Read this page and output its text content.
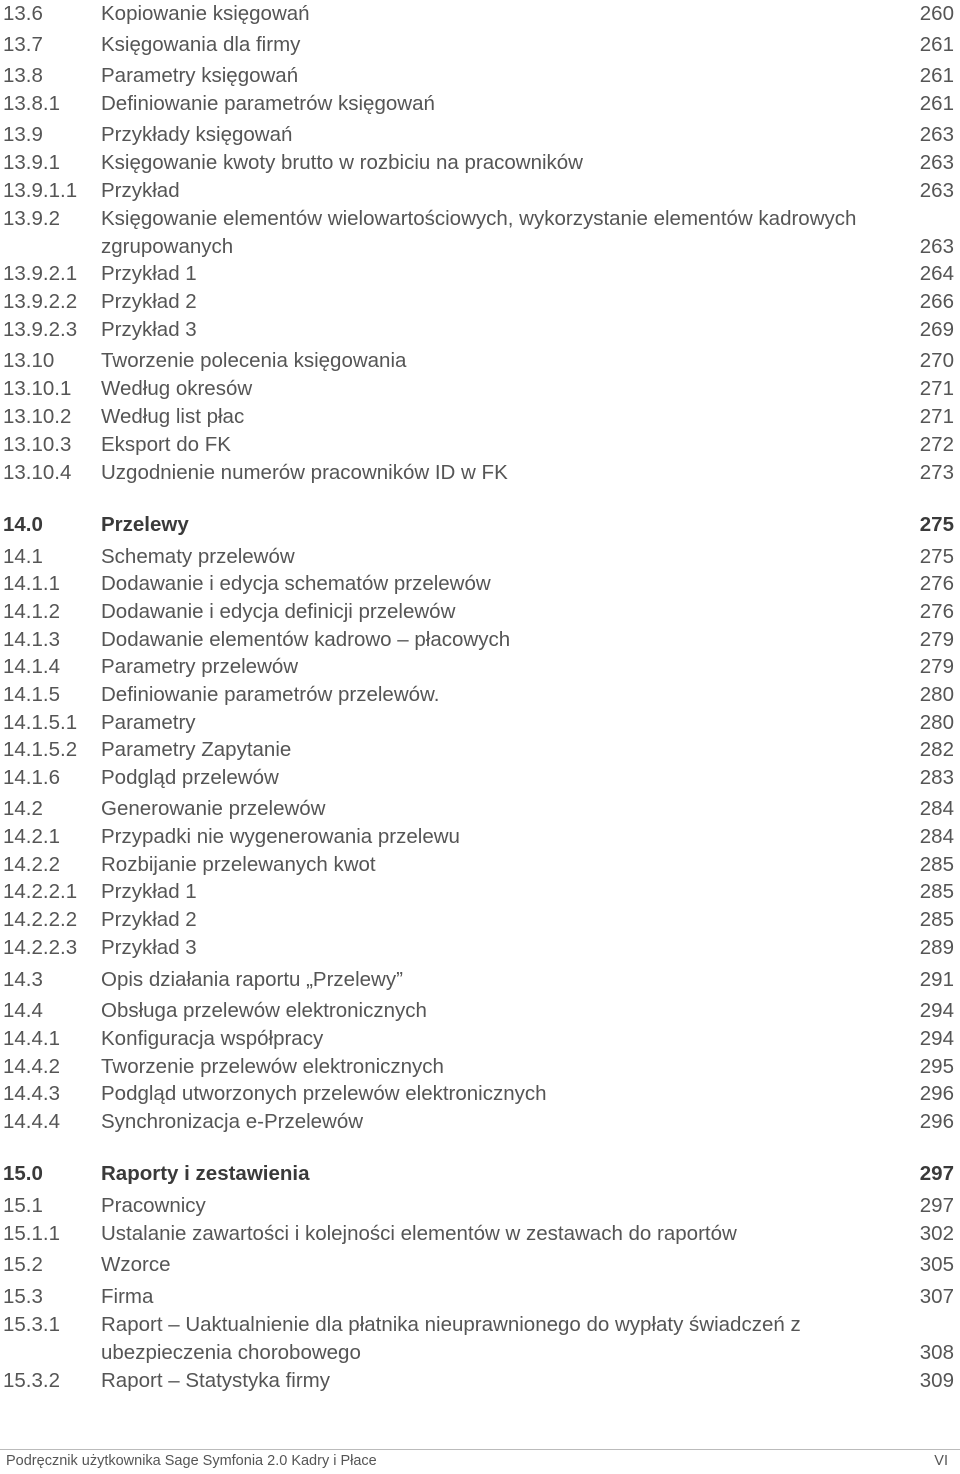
13.6	Kopiowanie księgowań	260
13.7	Księgowania dla firmy	261
13.8	Parametry księgowań	261
13.8.1 Definiowanie parametrów księgowań	261
13.9	Przykłady księgowań	263
13.9.1 Księgowanie kwoty brutto w rozbiciu na pracowników	263
13.9.1.1 Przykład	263
13.9.2 Księgowanie elementów wielowartościowych, wykorzystanie elementów kadrowych zgrupowanych	263
13.9.2.1 Przykład 1	264
13.9.2.2 Przykład 2	266
13.9.2.3 Przykład 3	269
13.10 Tworzenie polecenia księgowania	270
13.10.1 Według okresów	271
13.10.2 Według list płac	271
13.10.3 Eksport do FK	272
13.10.4 Uzgodnienie numerów pracowników ID w FK	273
14.0	Przelewy	275
14.1	Schematy przelewów	275
14.1.1 Dodawanie i edycja schematów przelewów	276
14.1.2 Dodawanie i edycja definicji przelewów	276
14.1.3 Dodawanie elementów kadrowo – płacowych	279
14.1.4 Parametry przelewów	279
14.1.5 Definiowanie parametrów przelewów.	280
14.1.5.1 Parametry	280
14.1.5.2 Parametry Zapytanie	282
14.1.6 Podgląd przelewów	283
14.2	Generowanie przelewów	284
14.2.1 Przypadki nie wygenerowania przelewu	284
14.2.2 Rozbijanie przelewanych kwot	285
14.2.2.1 Przykład 1	285
14.2.2.2 Przykład 2	285
14.2.2.3 Przykład 3	289
14.3	Opis działania raportu „Przelewy”	291
14.4	Obsługa przelewów elektronicznych	294
14.4.1 Konfiguracja współpracy	294
14.4.2 Tworzenie przelewów elektronicznych	295
14.4.3 Podgląd utworzonych przelewów elektronicznych	296
14.4.4 Synchronizacja e-Przelewów	296
15.0	Raporty i zestawienia	297
15.1	Pracownicy	297
15.1.1 Ustalanie zawartości i kolejności elementów w zestawach do raportów	302
15.2	Wzorce	305
15.3	Firma	307
15.3.1 Raport – Uaktualnienie dla płatnika nieuprawnionego do wypłaty świadczeń z ubezpieczenia chorobowego	308
15.3.2 Raport – Statystyka firmy	309
Podręcznik użytkownika Sage Symfonia 2.0 Kadry i Płace	VI
